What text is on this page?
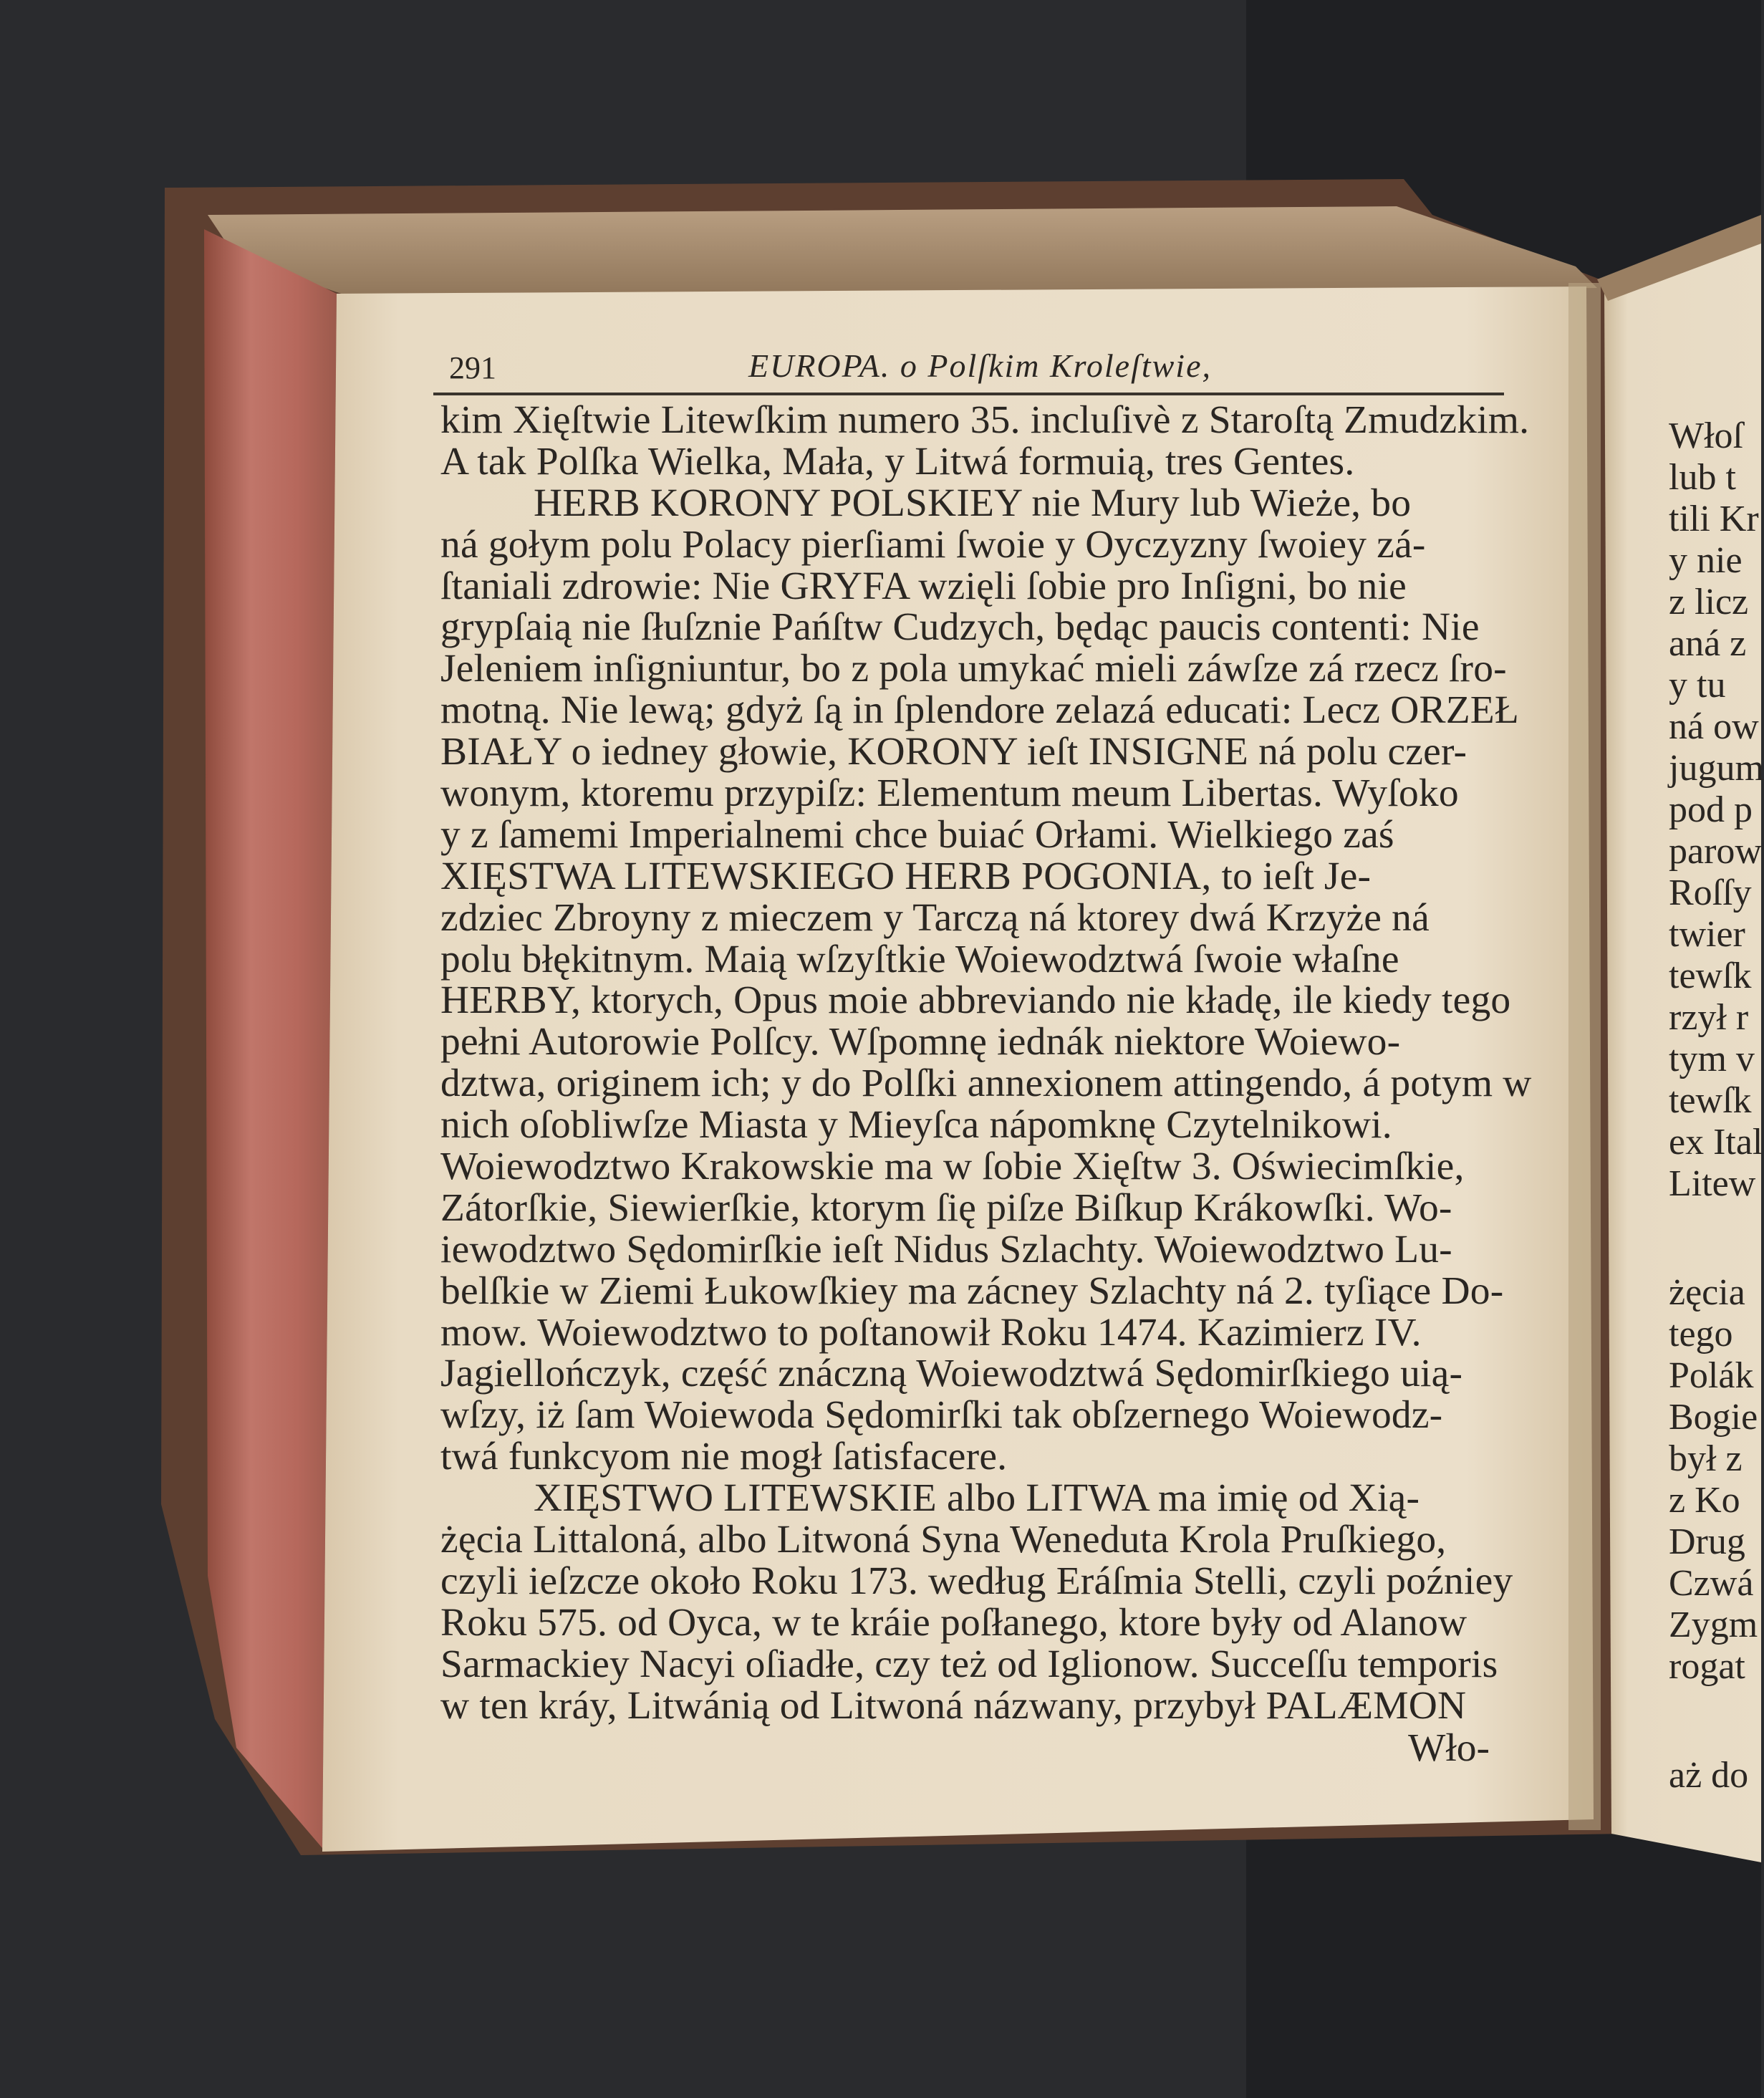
291	EUROPA. o Polſkim Kroleſtwie,
kim Xięſtwie Litewſkim numero 35. incluſivè z Staroſtą Zmudzkim.
A tak Polſka Wielka, Mała, y Litwá formuią, tres Gentes.
HERB KORONY POLSKIEY nie Mury lub Wieże, bo
ná gołym polu Polacy pierſiami ſwoie y Oyczyzny ſwoiey zá-
ſtaniali zdrowie: Nie GRYFA wzięli ſobie pro Inſigni, bo nie
grypſaią nie ſłuſznie Pańſtw Cudzych, będąc paucis contenti: Nie
Jeleniem inſigniuntur, bo z pola umykać mieli záwſze zá rzecz ſro-
motną. Nie lewą; gdyż ſą in ſplendore zelazá educati: Lecz ORZEŁ
BIAŁY o iedney głowie, KORONY ieſt INSIGNE ná polu czer-
wonym, ktoremu przypiſz: Elementum meum Libertas. Wyſoko
y z ſamemi Imperialnemi chce buiać Orłami. Wielkiego zaś
XIĘSTWA LITEWSKIEGO HERB POGONIA, to ieſt Je-
zdziec Zbroyny z mieczem y Tarczą ná ktorey dwá Krzyże ná
polu błękitnym. Maią wſzyſtkie Woiewodztwá ſwoie właſne
HERBY, ktorych, Opus moie abbreviando nie kładę, ile kiedy tego
pełni Autorowie Polſcy. Wſpomnę iednák niektore Woiewo-
dztwa, originem ich; y do Polſki annexionem attingendo, á potym w
nich oſobliwſze Miasta y Mieyſca nápomknę Czytelnikowi.
Woiewodztwo Krakowskie ma w ſobie Xięſtw 3. Oświecimſkie,
Zátorſkie, Siewierſkie, ktorym ſię piſze Biſkup Krákowſki. Wo-
iewodztwo Sędomirſkie ieſt Nidus Szlachty. Woiewodztwo Lu-
belſkie w Ziemi Łukowſkiey ma zácney Szlachty ná 2. tyſiące Do-
mow. Woiewodztwo to poſtanowił Roku 1474. Kazimierz IV.
Jagiellończyk, część znáczną Woiewodztwá Sędomirſkiego uią-
wſzy, iż ſam Woiewoda Sędomirſki tak obſzernego Woiewodz-
twá funkcyom nie mogł ſatisfacere.
XIĘSTWO LITEWSKIE albo LITWA ma imię od Xią-
żęcia Littaloná, albo Litwoná Syna Weneduta Krola Pruſkiego,
czyli ieſzcze około Roku 173. według Eráſmia Stelli, czyli poźniey
Roku 575. od Oyca, w te kráie poſłanego, ktore były od Alanow
Sarmackiey Nacyi oſiadłe, czy też od Iglionow. Succeſſu temporis
w ten kráy, Litwánią od Litwoná názwany, przybył PALÆMON
Wło-
Włoſ
lub t
tili Kr
y nie
z licz
aná z
y tu
ná ow
jugum
pod p
parow
Roſſy
twier
tewſk
rzył r
tym v
tewſk
ex Ital
Litew
żęcia
tego
Polák
Bogie
był z
z Ko
Drug
Czwá
Zygm
rogat
aż do
